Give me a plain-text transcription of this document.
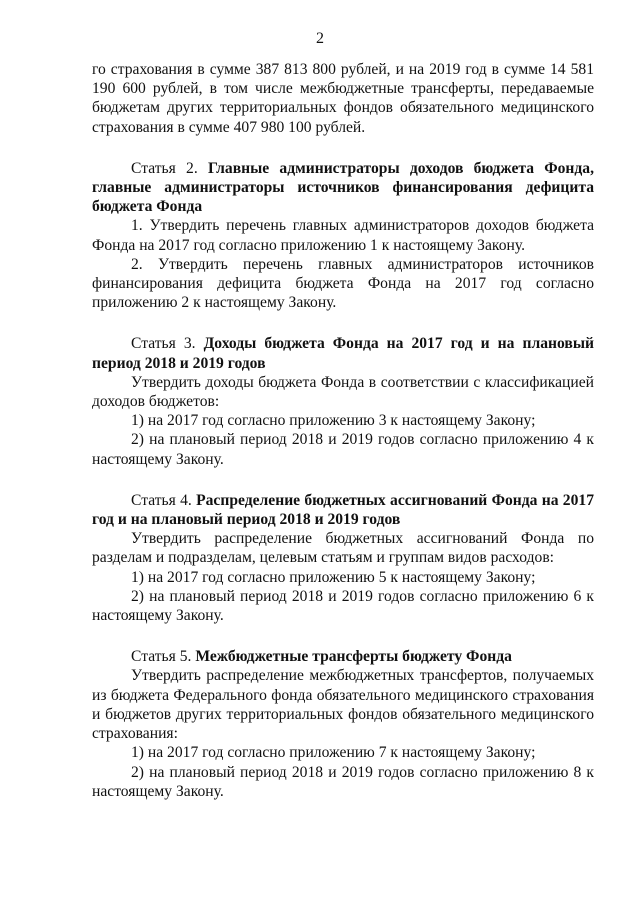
2

го страхования в сумме 387 813 800 рублей, и на 2019 год в сумме 14 581 190 600 рублей, в том числе межбюджетные трансферты, передаваемые бюджетам других территориальных фондов обязательного медицинского страхования в сумме 407 980 100 рублей.

Статья 2. Главные администраторы доходов бюджета Фонда, главные администраторы источников финансирования дефицита бюджета Фонда

1. Утвердить перечень главных администраторов доходов бюджета Фонда на 2017 год согласно приложению 1 к настоящему Закону.

2. Утвердить перечень главных администраторов источников финансирования дефицита бюджета Фонда на 2017 год согласно приложению 2 к настоящему Закону.

Статья 3. Доходы бюджета Фонда на 2017 год и на плановый период 2018 и 2019 годов

Утвердить доходы бюджета Фонда в соответствии с классификацией доходов бюджетов:

1) на 2017 год согласно приложению 3 к настоящему Закону;

2) на плановый период 2018 и 2019 годов согласно приложению 4 к настоящему Закону.

Статья 4. Распределение бюджетных ассигнований Фонда на 2017 год и на плановый период 2018 и 2019 годов

Утвердить распределение бюджетных ассигнований Фонда по разделам и подразделам, целевым статьям и группам видов расходов:

1) на 2017 год согласно приложению 5 к настоящему Закону;

2) на плановый период 2018 и 2019 годов согласно приложению 6 к настоящему Закону.

Статья 5. Межбюджетные трансферты бюджету Фонда

Утвердить распределение межбюджетных трансфертов, получаемых из бюджета Федерального фонда обязательного медицинского страхования и бюджетов других территориальных фондов обязательного медицинского страхования:

1) на 2017 год согласно приложению 7 к настоящему Закону;

2) на плановый период 2018 и 2019 годов согласно приложению 8 к настоящему Закону.
